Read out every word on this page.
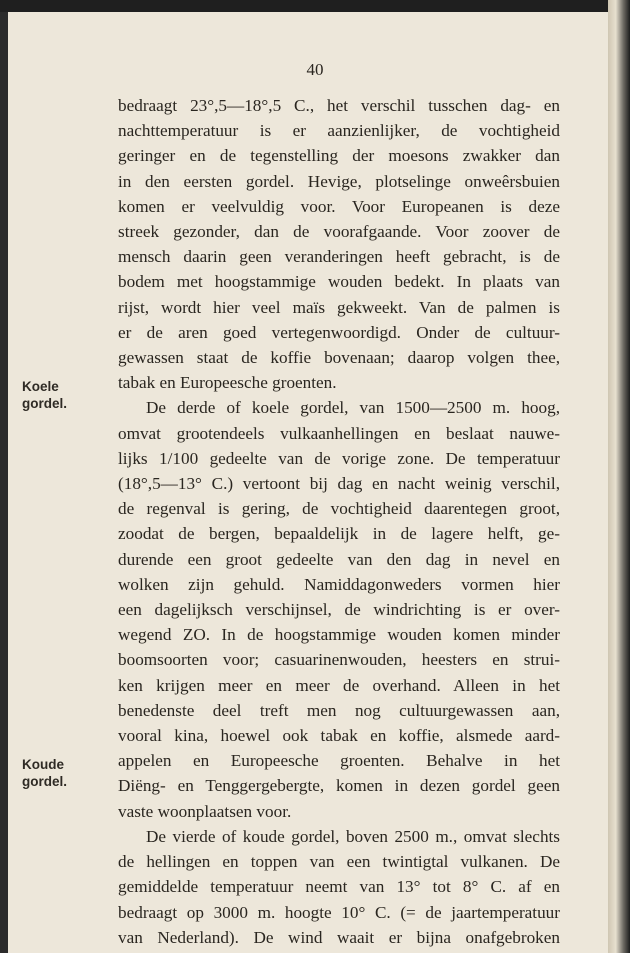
40
Koele
gordel.
Koude
gordel.
bedraagt 23°,5—18°,5 C., het verschil tusschen dag- en
nachttemperatuur is er aanzienlijker, de vochtigheid
geringer en de tegenstelling der moesons zwakker dan
in den eersten gordel. Hevige, plotselinge onweêrsbuien
komen er veelvuldig voor. Voor Europeanen is deze
streek gezonder, dan de voorafgaande. Voor zoover de
mensch daarin geen veranderingen heeft gebracht, is de
bodem met hoogstammige wouden bedekt. In plaats van
rijst, wordt hier veel maïs gekweekt. Van de palmen is
er de aren goed vertegenwoordigd. Onder de cultuur-
gewassen staat de koffie bovenaan; daarop volgen thee,
tabak en Europeesche groenten.
De derde of koele gordel, van 1500—2500 m. hoog,
omvat grootendeels vulkaanhellingen en beslaat nauwe-
lijks 1/100 gedeelte van de vorige zone. De temperatuur
(18°,5—13° C.) vertoont bij dag en nacht weinig verschil,
de regenval is gering, de vochtigheid daarentegen groot,
zoodat de bergen, bepaaldelijk in de lagere helft, ge-
durende een groot gedeelte van den dag in nevel en
wolken zijn gehuld. Namiddagonweders vormen hier
een dagelijksch verschijnsel, de windrichting is er over-
wegend ZO. In de hoogstammige wouden komen minder
boomsoorten voor; casuarinenwouden, heesters en strui-
ken krijgen meer en meer de overhand. Alleen in het
benedenste deel treft men nog cultuurgewassen aan,
vooral kina, hoewel ook tabak en koffie, alsmede aard-
appelen en Europeesche groenten. Behalve in het
Diëng- en Tenggergebergte, komen in dezen gordel geen
vaste woonplaatsen voor.
De vierde of koude gordel, boven 2500 m., omvat slechts
de hellingen en toppen van een twintigtal vulkanen. De
gemiddelde temperatuur neemt van 13° tot 8° C. af en
bedraagt op 3000 m. hoogte 10° C. (= de jaartemperatuur
van Nederland). De wind waait er bijna onafgebroken
